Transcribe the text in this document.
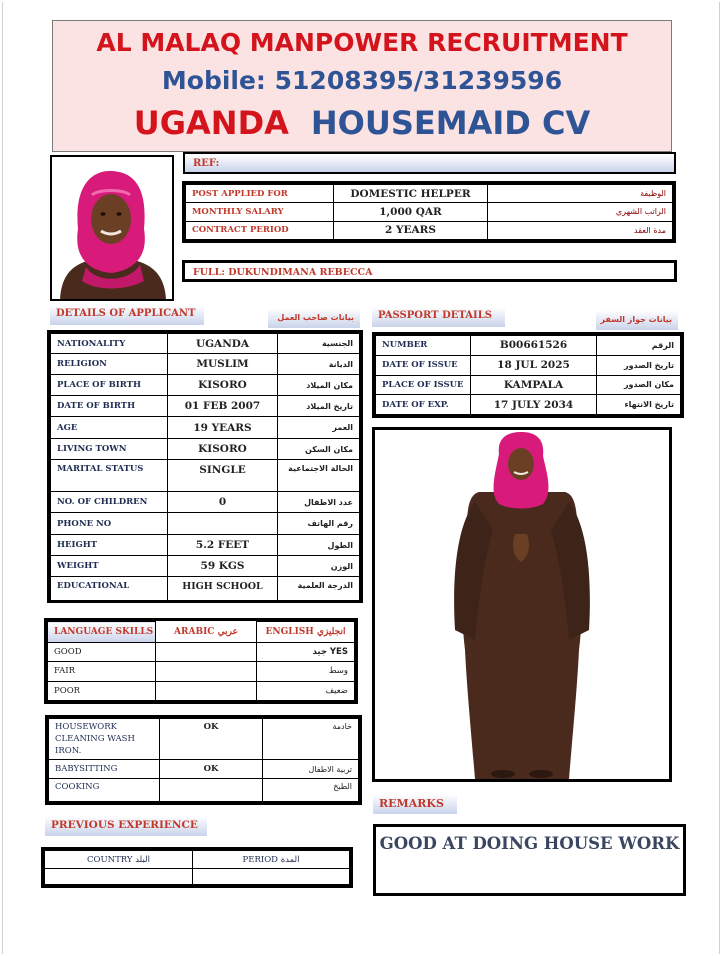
AL MALAQ MANPOWER RECRUITMENT
Mobile: 51208395/31239596
UGANDA HOUSEMAID CV
REF:
POST APPLIED FOR	DOMESTIC HELPER	الوظيفة
MONTHLY SALARY	1,000 QAR	الراتب الشهري
CONTRACT PERIOD	2 YEARS	مدة العقد
FULL: DUKUNDIMANA REBECCA
DETAILS OF APPLICANT	بيانات صاحب العمل
NATIONALITY	UGANDA	الجنسية
RELIGION	MUSLIM	الديانة
PLACE OF BIRTH	KISORO	مكان الميلاد
DATE OF BIRTH	01 FEB 2007	تاريخ الميلاد
AGE	19 YEARS	العمر
LIVING TOWN	KISORO	مكان السكن
MARITAL STATUS	SINGLE	الحالة الاجتماعية
NO. OF CHILDREN	0	عدد الاطفال
PHONE NO		رقم الهاتف
HEIGHT	5.2 FEET	الطول
WEIGHT	59 KGS	الوزن
EDUCATIONAL	HIGH SCHOOL	الدرجة العلمية
PASSPORT DETAILS	بيانات جواز السفر
NUMBER	B00661526	الرقم
DATE OF ISSUE	18 JUL 2025	تاريخ الصدور
PLACE OF ISSUE	KAMPALA	مكان الصدور
DATE OF EXP.	17 JULY 2034	تاريخ الانتهاء
LANGUAGE SKILLS	ARABIC عربي	ENGLISH انجليزي
GOOD		YES جيد
FAIR		وسط
POOR		ضعيف
HOUSEWORK CLEANING WASH IRON.	OK	خادمة
BABYSITTING	OK	تربية الاطفال
COOKING		الطبخ
PREVIOUS EXPERIENCE
COUNTRY البلد	PERIOD المدة

REMARKS
GOOD AT DOING HOUSE WORK
